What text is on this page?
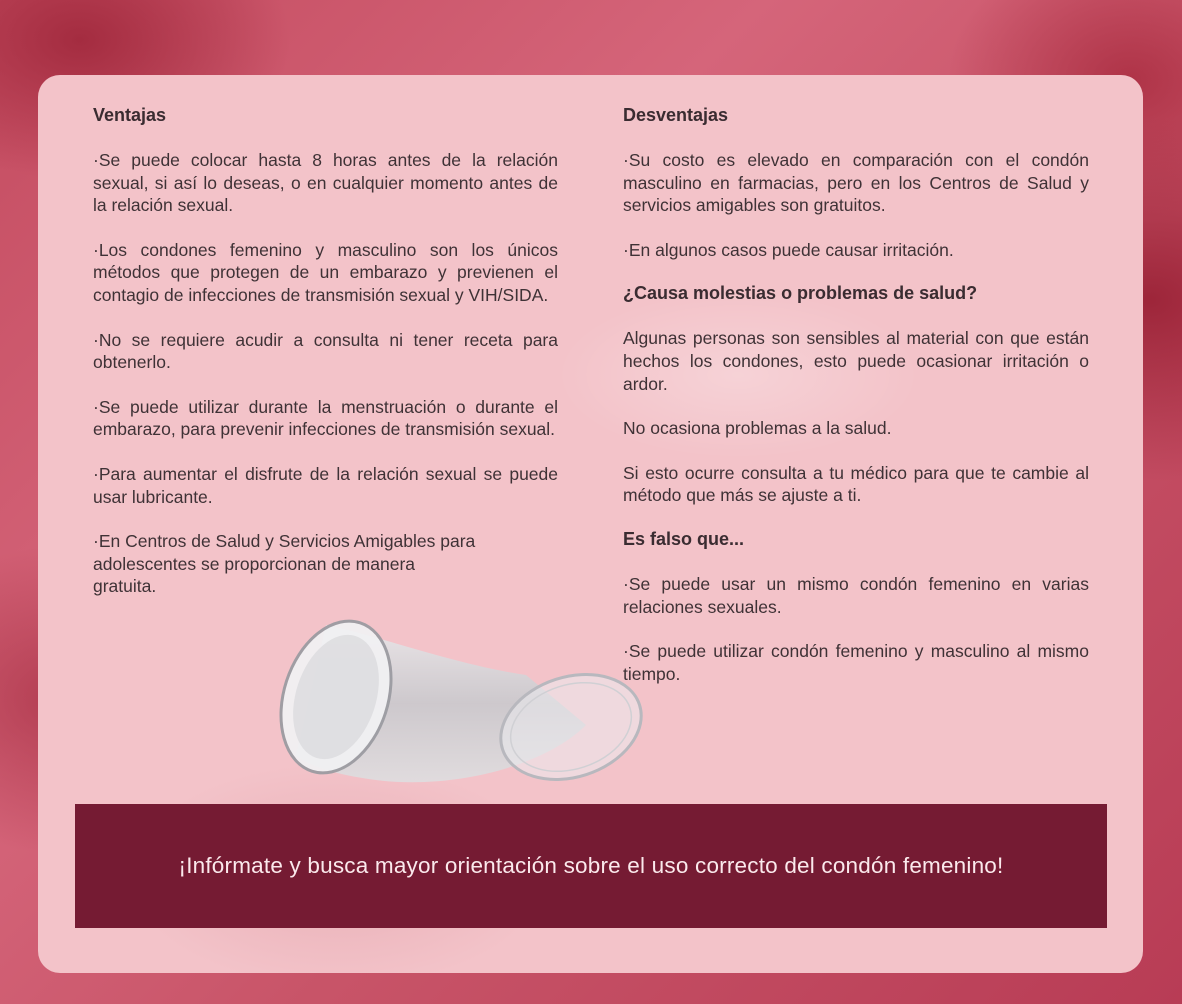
Ventajas

·Se puede colocar hasta 8 horas antes de la relación sexual, si así lo deseas, o en cualquier momento antes de la relación sexual.

·Los condones femenino y masculino son los únicos métodos que protegen de un embarazo y previenen el contagio de infecciones de transmisión sexual y VIH/SIDA.

·No se requiere acudir a consulta ni tener receta para obtenerlo.

·Se puede utilizar durante la menstruación o durante el embarazo, para prevenir infecciones de transmisión sexual.

·Para aumentar el disfrute de la relación sexual se puede usar lubricante.

·En Centros de Salud y Servicios Amigables para adolescentes se proporcionan de manera gratuita.

Desventajas

·Su costo es elevado en comparación con el condón masculino en farmacias, pero en los Centros de Salud y servicios amigables son gratuitos.

·En algunos casos puede causar irritación.

¿Causa molestias o problemas de salud?

Algunas personas son sensibles al material con que están hechos los condones, esto puede ocasionar irritación o ardor.

No ocasiona problemas a la salud.

Si esto ocurre consulta a tu médico para que te cambie al método que más se ajuste a ti.

Es falso que...

·Se puede usar un mismo condón femenino en varias relaciones sexuales.

·Se puede utilizar condón femenino y masculino al mismo tiempo.

¡Infórmate y busca mayor orientación sobre el uso correcto del condón femenino!
